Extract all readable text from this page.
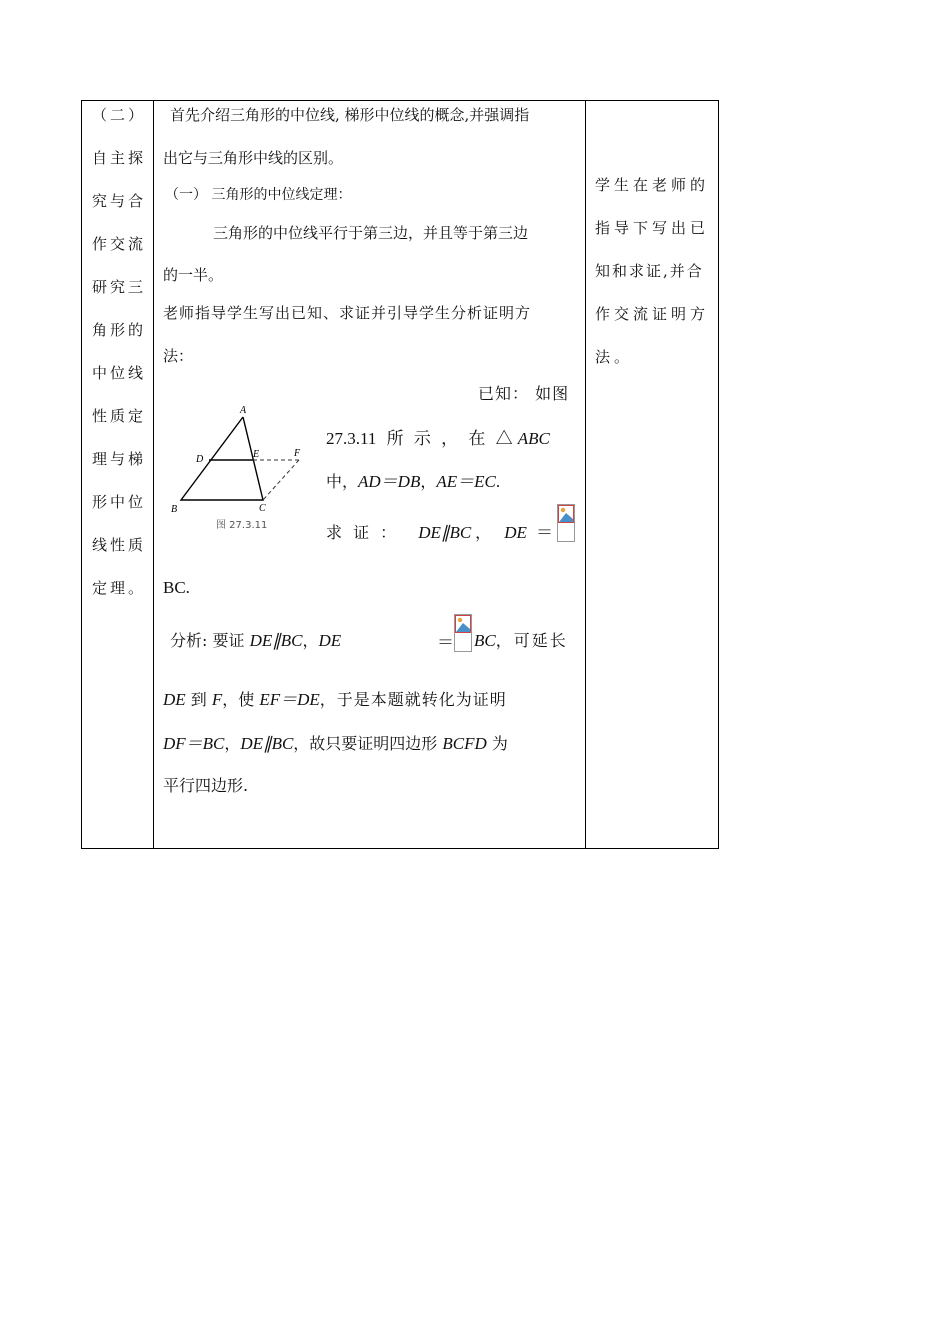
（二）
自主探
究与合
作交流
研究三
角形的
中位线
性质定
理与梯
形中位
线性质
定理。
学生在老师的
指导下写出已
知和求证,并合
作交流证明方
法。
首先介绍三角形的中位线, 梯形中位线的概念,并强调指
出它与三角形中线的区别。
（一） 三角形的中位线定理：
三角形的中位线平行于第三边，并且等于第三边
的一半。
老师指导学生写出已知、求证并引导学生分析证明方
法：
A
B	C
D	E	F
图 27.3.11
已知： 如图
27.3.11 所 示 ， 在 △ ABC
中，AD＝DB，AE＝EC.
求 证 ： DE∥BC ， DE ＝
BC.
分析: 要证 DE∥BC，DE	＝ BC，可延长
DE 到 F，使 EF＝DE，于是本题就转化为证明
DF＝BC，DE∥BC，故只要证明四边形 BCFD 为
平行四边形.
